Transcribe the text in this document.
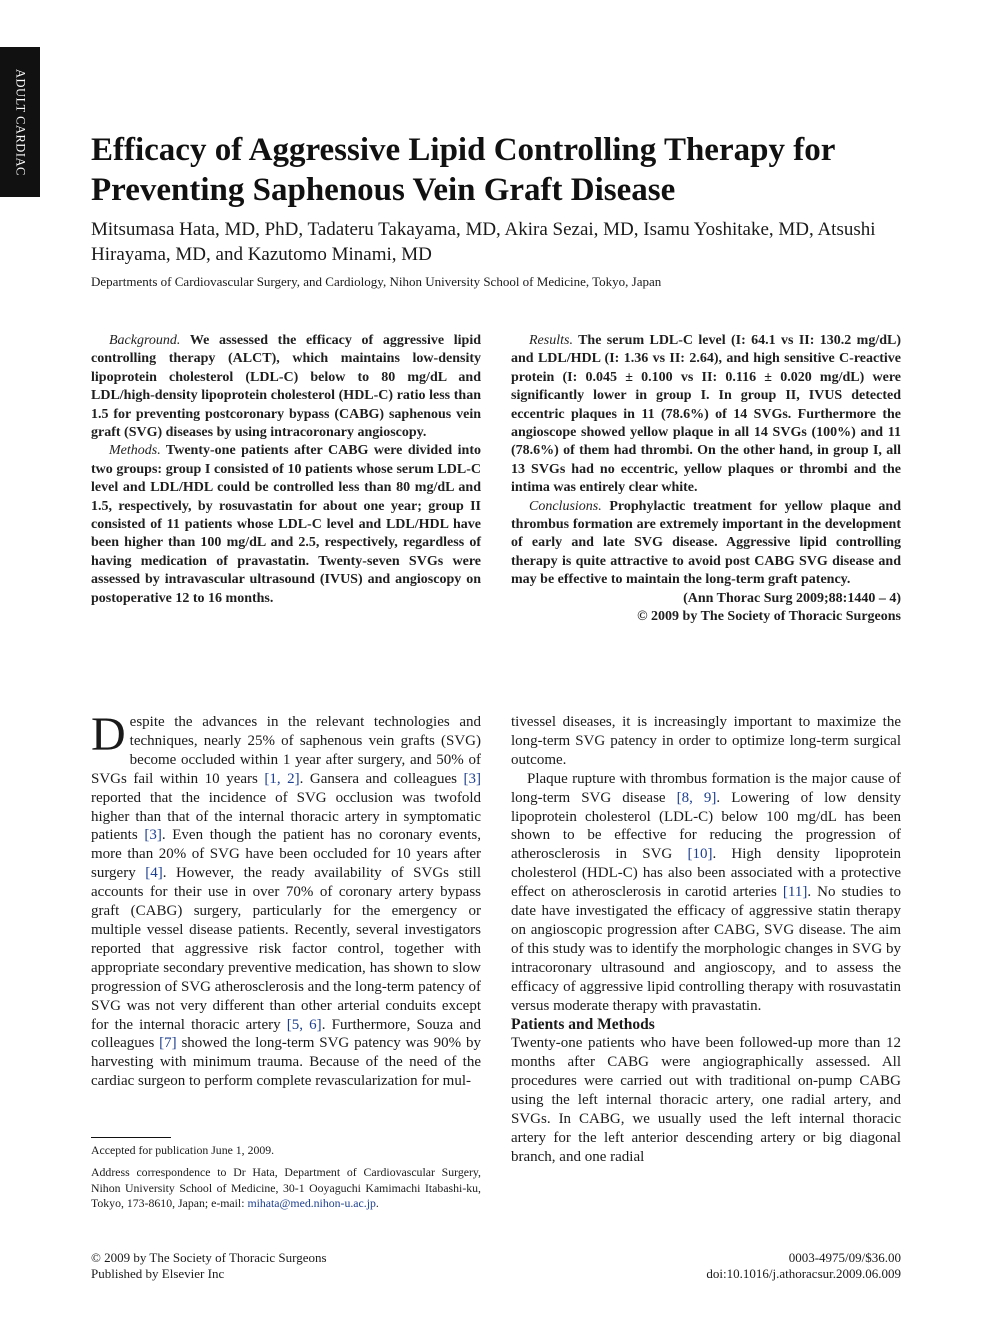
ADULT CARDIAC Efficacy of Aggressive Lipid Controlling Therapy for Preventing Saphenous Vein Graft Disease
Mitsumasa Hata, MD, PhD, Tadateru Takayama, MD, Akira Sezai, MD, Isamu Yoshitake, MD, Atsushi Hirayama, MD, and Kazutomo Minami, MD
Departments of Cardiovascular Surgery, and Cardiology, Nihon University School of Medicine, Tokyo, Japan

Background. We assessed the efficacy of aggressive lipid controlling therapy (ALCT), which maintains low-density lipoprotein cholesterol (LDL-C) below to 80 mg/dL and LDL/high-density lipoprotein cholesterol (HDL-C) ratio less than 1.5 for preventing postcoronary bypass (CABG) saphenous vein graft (SVG) diseases by using intracoronary angioscopy.

Methods. Twenty-one patients after CABG were divided into two groups: group I consisted of 10 patients whose serum LDL-C level and LDL/HDL could be controlled less than 80 mg/dL and 1.5, respectively, by rosuvastatin for about one year; group II consisted of 11 patients whose LDL-C level and LDL/HDL have been higher than 100 mg/dL and 2.5, respectively, regardless of having medication of pravastatin. Twenty-seven SVGs were assessed by intravascular ultrasound (IVUS) and angioscopy on postoperative 12 to 16 months.

Results. The serum LDL-C level (I: 64.1 vs II: 130.2 mg/dL) and LDL/HDL (I: 1.36 vs II: 2.64), and high sensitive C-reactive protein (I: 0.045 ± 0.100 vs II: 0.116 ± 0.020 mg/dL) were significantly lower in group I. In group II, IVUS detected eccentric plaques in 11 (78.6%) of 14 SVGs. Furthermore the angioscope showed yellow plaque in all 14 SVGs (100%) and 11 (78.6%) of them had thrombi. On the other hand, in group I, all 13 SVGs had no eccentric, yellow plaques or thrombi and the intima was entirely clear white.

Conclusions. Prophylactic treatment for yellow plaque and thrombus formation are extremely important in the development of early and late SVG disease. Aggressive lipid controlling therapy is quite attractive to avoid post CABG SVG disease and may be effective to maintain the long-term graft patency.

(Ann Thorac Surg 2009;88:1440 – 4)

© 2009 by The Society of Thoracic Surgeons

Despite the advances in the relevant technologies and techniques, nearly 25% of saphenous vein grafts (SVG) become occluded within 1 year after surgery, and 50% of SVGs fail within 10 years [1, 2]. Gansera and colleagues [3] reported that the incidence of SVG occlusion was twofold higher than that of the internal thoracic artery in symptomatic patients [3]. Even though the patient has no coronary events, more than 20% of SVG have been occluded for 10 years after surgery [4]. However, the ready availability of SVGs still accounts for their use in over 70% of coronary artery bypass graft (CABG) surgery, particularly for the emergency or multiple vessel disease patients. Recently, several investigators reported that aggressive risk factor control, together with appropriate secondary preventive medication, has shown to slow progression of SVG atherosclerosis and the long-term patency of SVG was not very different than other arterial conduits except for the internal thoracic artery [5, 6]. Furthermore, Souza and colleagues [7] showed the long-term SVG patency was 90% by harvesting with minimum trauma. Because of the need of the cardiac surgeon to perform complete revascularization for mul-

tivessel diseases, it is increasingly important to maximize the long-term SVG patency in order to optimize long-term surgical outcome.

Plaque rupture with thrombus formation is the major cause of long-term SVG disease [8, 9]. Lowering of low density lipoprotein cholesterol (LDL-C) below 100 mg/dL has been shown to be effective for reducing the progression of atherosclerosis in SVG [10]. High density lipoprotein cholesterol (HDL-C) has also been associated with a protective effect on atherosclerosis in carotid arteries [11]. No studies to date have investigated the efficacy of aggressive statin therapy on angioscopic progression after CABG, SVG disease. The aim of this study was to identify the morphologic changes in SVG by intracoronary ultrasound and angioscopy, and to assess the efficacy of aggressive lipid controlling therapy with rosuvastatin versus moderate therapy with pravastatin.

Patients and Methods

Twenty-one patients who have been followed-up more than 12 months after CABG were angiographically assessed. All procedures were carried out with traditional on-pump CABG using the left internal thoracic artery, one radial artery, and SVGs. In CABG, we usually used the left internal thoracic artery for the left anterior descending artery or big diagonal branch, and one radial

Accepted for publication June 1, 2009.

Address correspondence to Dr Hata, Department of Cardiovascular Surgery, Nihon University School of Medicine, 30-1 Ooyaguchi Kamimachi Itabashi-ku, Tokyo, 173-8610, Japan; e-mail: mihata@med.nihon-u.ac.jp.

© 2009 by The Society of Thoracic Surgeons
Published by Elsevier Inc
0003-4975/09/$36.00
doi:10.1016/j.athoracsur.2009.06.009
